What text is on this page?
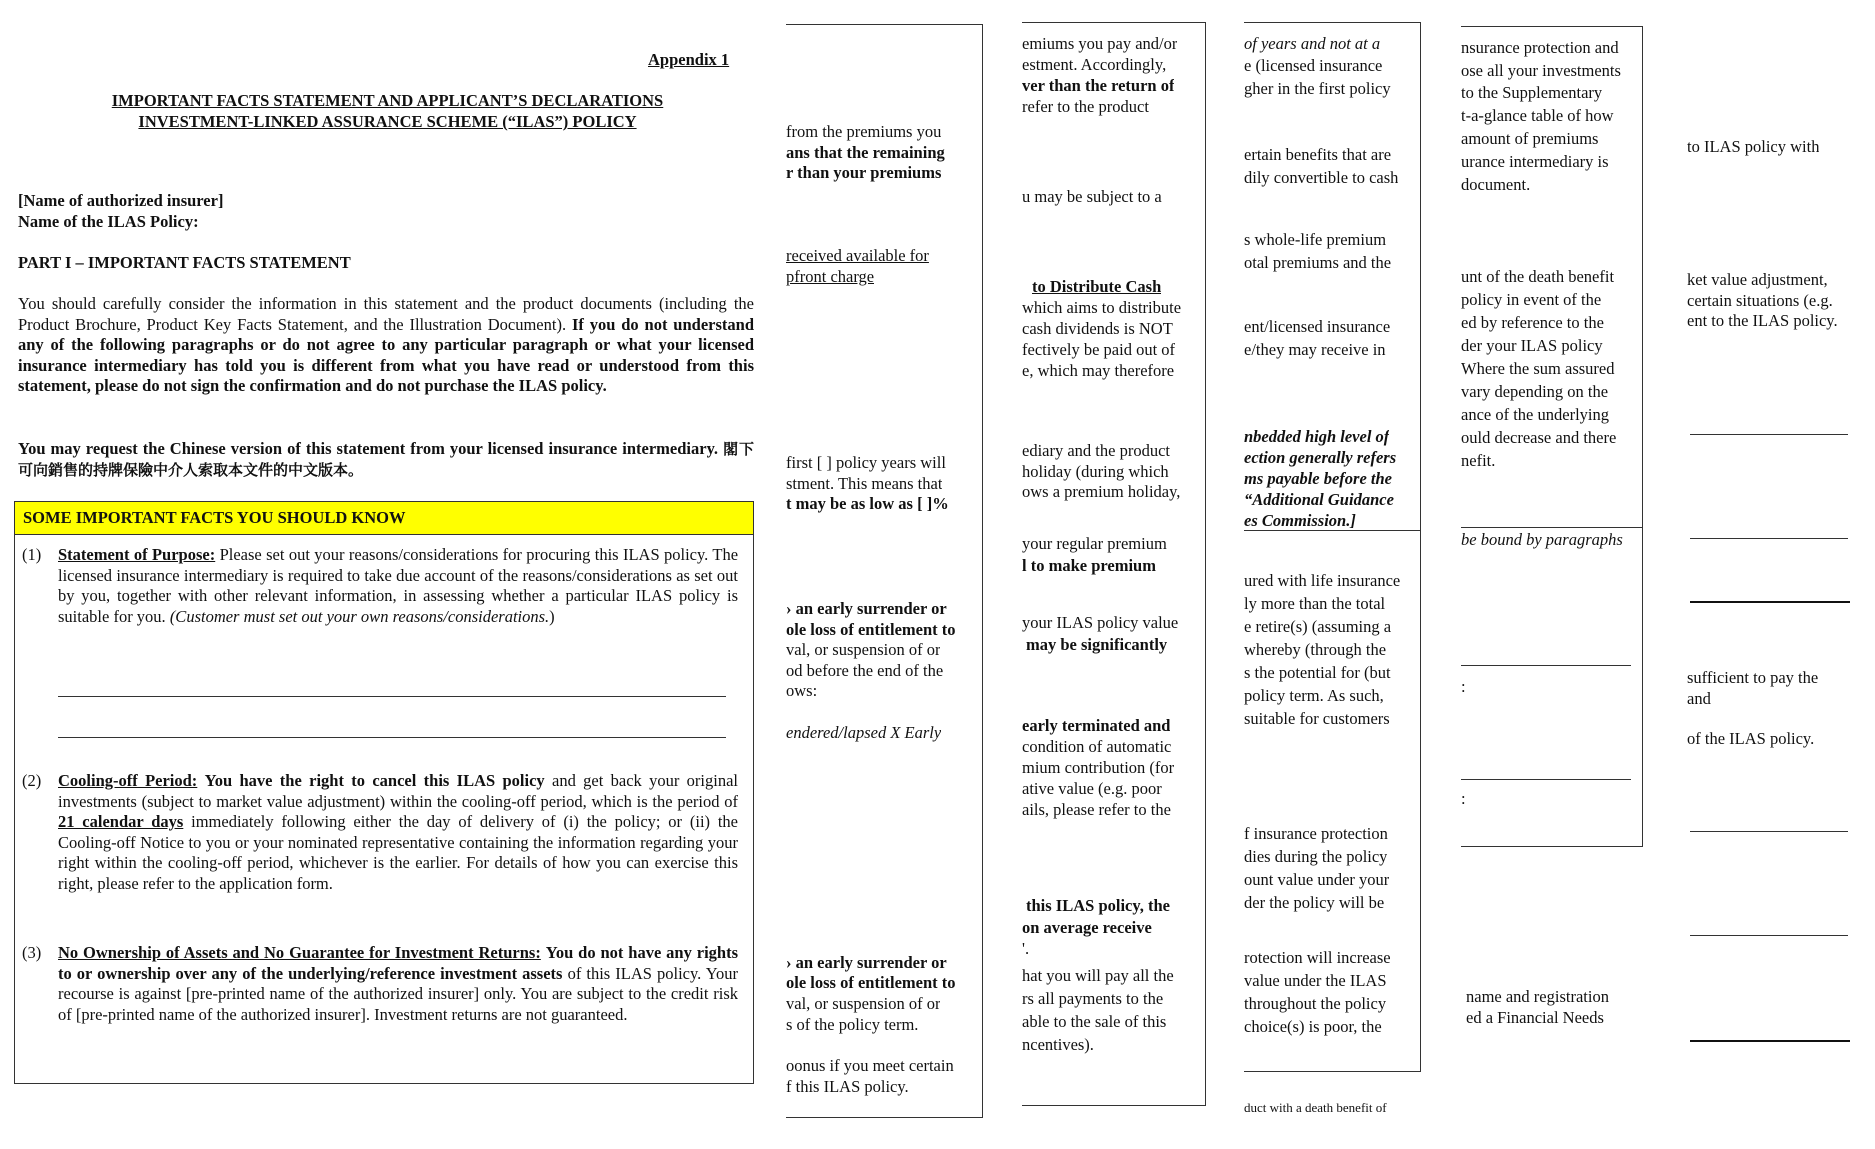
Appendix 1
IMPORTANT FACTS STATEMENT AND APPLICANT’S DECLARATIONS
INVESTMENT-LINKED ASSURANCE SCHEME (“ILAS”) POLICY
[Name of authorized insurer]
Name of the ILAS Policy:
PART I – IMPORTANT FACTS STATEMENT
You should carefully consider the information in this statement and the product documents (including the Product Brochure, Product Key Facts Statement, and the Illustration Document). If you do not understand any of the following paragraphs or do not agree to any particular paragraph or what your licensed insurance intermediary has told you is different from what you have read or understood from this statement, please do not sign the confirmation and do not purchase the ILAS policy.
You may request the Chinese version of this statement from your licensed insurance intermediary. 閣下可向銷售的持牌保險中介人索取本文件的中文版本。
SOME IMPORTANT FACTS YOU SHOULD KNOW
(1) Statement of Purpose: Please set out your reasons/considerations for procuring this ILAS policy. The licensed insurance intermediary is required to take due account of the reasons/considerations as set out by you, together with other relevant information, in assessing whether a particular ILAS policy is suitable for you. (Customer must set out your own reasons/considerations.)
(2) Cooling-off Period: You have the right to cancel this ILAS policy and get back your original investments (subject to market value adjustment) within the cooling-off period, which is the period of 21 calendar days immediately following either the day of delivery of (i) the policy; or (ii) the Cooling-off Notice to you or your nominated representative containing the information regarding your right within the cooling-off period, whichever is the earlier. For details of how you can exercise this right, please refer to the application form.
(3) No Ownership of Assets and No Guarantee for Investment Returns: You do not have any rights to or ownership over any of the underlying/reference investment assets of this ILAS policy. Your recourse is against [pre-printed name of the authorized insurer] only. You are subject to the credit risk of [pre-printed name of the authorized insurer]. Investment returns are not guaranteed.
from the premiums you
ans that the remaining
r than your premiums
received available for
pfront charge
first [ ] policy years will
stment. This means that
t may be as low as [ ]%
› an early surrender or
ole loss of entitlement to
val, or suspension of or
od before the end of the
ows:
endered/lapsed X Early
› an early surrender or
ole loss of entitlement to
val, or suspension of or
s of the policy term.
oonus if you meet certain
f this ILAS policy.
emiums you pay and/or
estment. Accordingly,
ver than the return of
refer to the product
u may be subject to a
to Distribute Cash
which aims to distribute
cash dividends is NOT
fectively be paid out of
e, which may therefore
ediary and the product
holiday (during which
ows a premium holiday,
your regular premium
l to make premium
your ILAS policy value
may be significantly
early terminated and
condition of automatic
mium contribution (for
ative value (e.g. poor
ails, please refer to the
this ILAS policy, the
on average receive
'.
hat you will pay all the
rs all payments to the
able to the sale of this
ncentives).
of years and not at a
e (licensed insurance
gher in the first policy
ertain benefits that are
dily convertible to cash
s whole-life premium
otal premiums and the
ent/licensed insurance
e/they may receive in
nbedded high level of
ection generally refers
ms payable before the
“Additional Guidance
es Commission.]
ured with life insurance
ly more than the total
e retire(s) (assuming a
whereby (through the
s the potential for (but
policy term. As such,
suitable for customers
f insurance protection
dies during the policy
ount value under your
der the policy will be
rotection will increase
value under the ILAS
throughout the policy
choice(s) is poor, the
duct with a death benefit of
nsurance protection and
ose all your investments
to the Supplementary
t-a-glance table of how
amount of premiums
urance intermediary is
document.
unt of the death benefit
policy in event of the
ed by reference to the
der your ILAS policy
Where the sum assured
vary depending on the
ance of the underlying
ould decrease and there
nefit.
be bound by paragraphs
:
:
name and registration
ed a Financial Needs
to ILAS policy with
ket value adjustment,
certain situations (e.g.
ent to the ILAS policy.
sufficient to pay the
and
of the ILAS policy.
